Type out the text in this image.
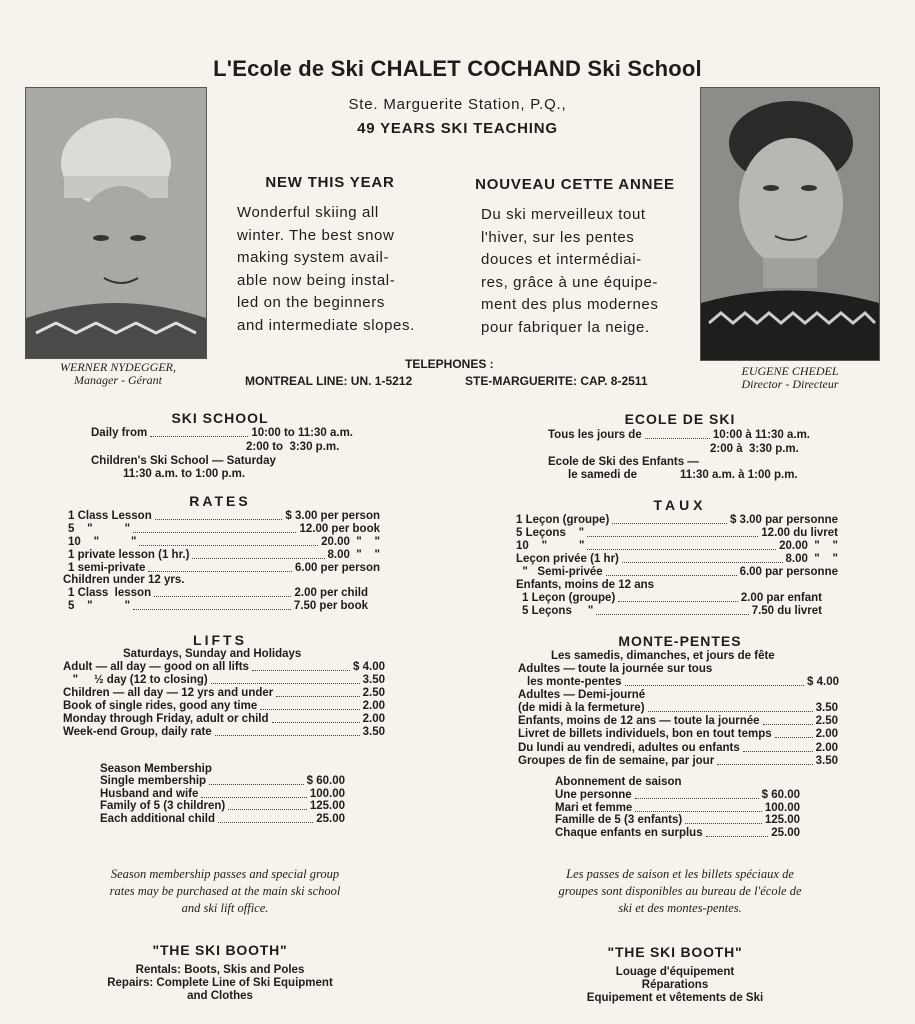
L'Ecole de Ski CHALET COCHAND Ski School
Ste. Marguerite Station, P.Q.,
49 YEARS SKI TEACHING
WERNER NYDEGGER,
Manager - Gérant
EUGENE CHEDEL
Director - Directeur
NEW THIS YEAR
Wonderful skiing all
winter. The best snow
making system avail-
able now being instal-
led on the beginners
and intermediate slopes.
NOUVEAU CETTE ANNEE
Du ski merveilleux tout
l'hiver, sur les pentes
douces et intermédiai-
res, grâce à une équipe-
ment des plus modernes
pour fabriquer la neige.
TELEPHONES :
MONTREAL LINE: UN. 1-5212	STE-MARGUERITE: CAP. 8-2511
SKI SCHOOL
Daily from	10:00 to 11:30 a.m.
2:00 to  3:30 p.m.
Children's Ski School — Saturday
11:30 a.m. to 1:00 p.m.
RATES
1 Class Lesson	$ 3.00 per person
5    "          "	12.00 per book
10    "          "	20.00  "    "
1 private lesson (1 hr.)	8.00  "    "
1 semi-private	6.00 per person
Children under 12 yrs.
1 Class  lesson	2.00 per child
5    "          "	7.50 per book
LIFTS
Saturdays, Sunday and Holidays
Adult — all day — good on all lifts	$ 4.00
"     ½ day (12 to closing)	3.50
Children — all day — 12 yrs and under	2.50
Book of single rides, good any time	2.00
Monday through Friday, adult or child	2.00
Week-end Group, daily rate	3.50
Season Membership
Single membership	$ 60.00
Husband and wife	100.00
Family of 5 (3 children)	125.00
Each additional child	25.00
Season membership passes and special group
rates may be purchased at the main ski school
and ski lift office.
"THE SKI BOOTH"
Rentals: Boots, Skis and Poles
Repairs: Complete Line of Ski Equipment
and Clothes
ECOLE DE SKI
Tous les jours de	10:00 à 11:30 a.m.
2:00 à  3:30 p.m.
Ecole de Ski des Enfants —
le samedi de	11:30 a.m. à 1:00 p.m.
TAUX
1 Leçon (groupe)	$ 3.00 par personne
5 Leçons    "	12.00 du livret
10    "          "	20.00  "    "
Leçon privée (1 hr)	8.00  "    "
"   Semi-privée	6.00 par personne
Enfants, moins de 12 ans
1 Leçon (groupe)	2.00 par enfant
5 Leçons     "	7.50 du livret
MONTE-PENTES
Les samedis, dimanches, et jours de fête
Adultes — toute la journée sur tous
les monte-pentes	$ 4.00
Adultes — Demi-journé
(de midi à la fermeture)	3.50
Enfants, moins de 12 ans — toute la journée	2.50
Livret de billets individuels, bon en tout temps	2.00
Du lundi au vendredi, adultes ou enfants	2.00
Groupes de fin de semaine, par jour	3.50
Abonnement de saison
Une personne	$ 60.00
Mari et femme	100.00
Famille de 5 (3 enfants)	125.00
Chaque enfants en surplus	25.00
Les passes de saison et les billets spéciaux de
groupes sont disponibles au bureau de l'école de
ski et des montes-pentes.
"THE SKI BOOTH"
Louage d'équipement
Réparations
Equipement et vêtements de Ski
